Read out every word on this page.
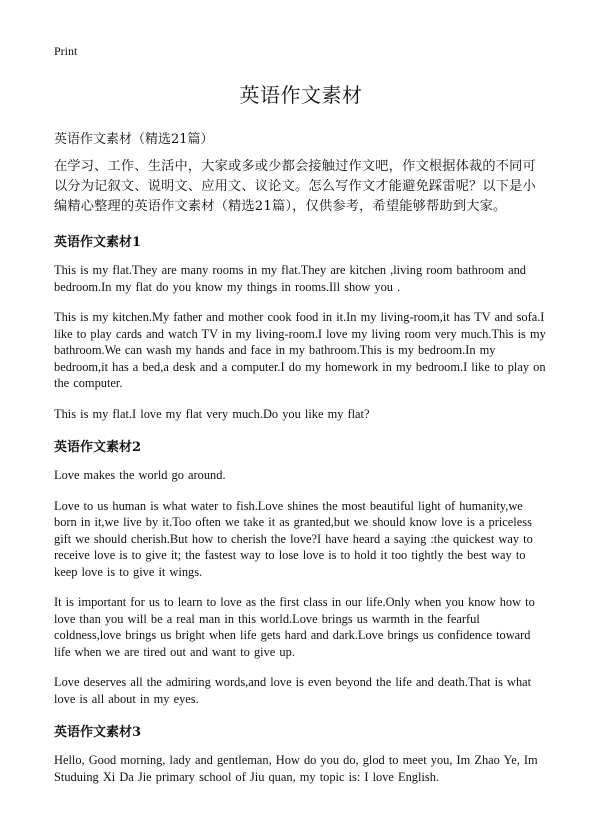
Print
英语作文素材

英语作文素材（精选21篇）

在学习、工作、生活中，大家或多或少都会接触过作文吧，作文根据体裁的不同可以分为记叙文、说明文、应用文、议论文。怎么写作文才能避免踩雷呢？以下是小编精心整理的英语作文素材（精选21篇），仅供参考，希望能够帮助到大家。

英语作文素材1

This is my flat.They are many rooms in my flat.They are kitchen ,living room bathroom and bedroom.In my flat do you know my things in rooms.Ill show you .

This is my kitchen.My father and mother cook food in it.In my living-room,it has TV and sofa.I like to play cards and watch TV in my living-room.I love my living room very much.This is my bathroom.We can wash my hands and face in my bathroom.This is my bedroom.In my bedroom,it has a bed,a desk and a computer.I do my homework in my bedroom.I like to play on the computer.

This is my flat.I love my flat very much.Do you like my flat?

英语作文素材2

Love makes the world go around.

Love to us human is what water to fish.Love shines the most beautiful light of humanity,we born in it,we live by it.Too often we take it as granted,but we should know love is a priceless gift we should cherish.But how to cherish the love?I have heard a saying :the quickest way to receive love is to give it; the fastest way to lose love is to hold it too tightly the best way to keep love is to give it wings.

It is important for us to learn to love as the first class in our life.Only when you know how to love than you will be a real man in this world.Love brings us warmth in the fearful coldness,love brings us bright when life gets hard and dark.Love brings us confidence toward life when we are tired out and want to give up.

Love deserves all the admiring words,and love is even beyond the life and death.That is what love is all about in my eyes.

英语作文素材3

Hello, Good morning, lady and gentleman, How do you do, glod to meet you, Im Zhao Ye, Im Studuing Xi Da Jie primary school of Jiu quan, my topic is: I love English.
